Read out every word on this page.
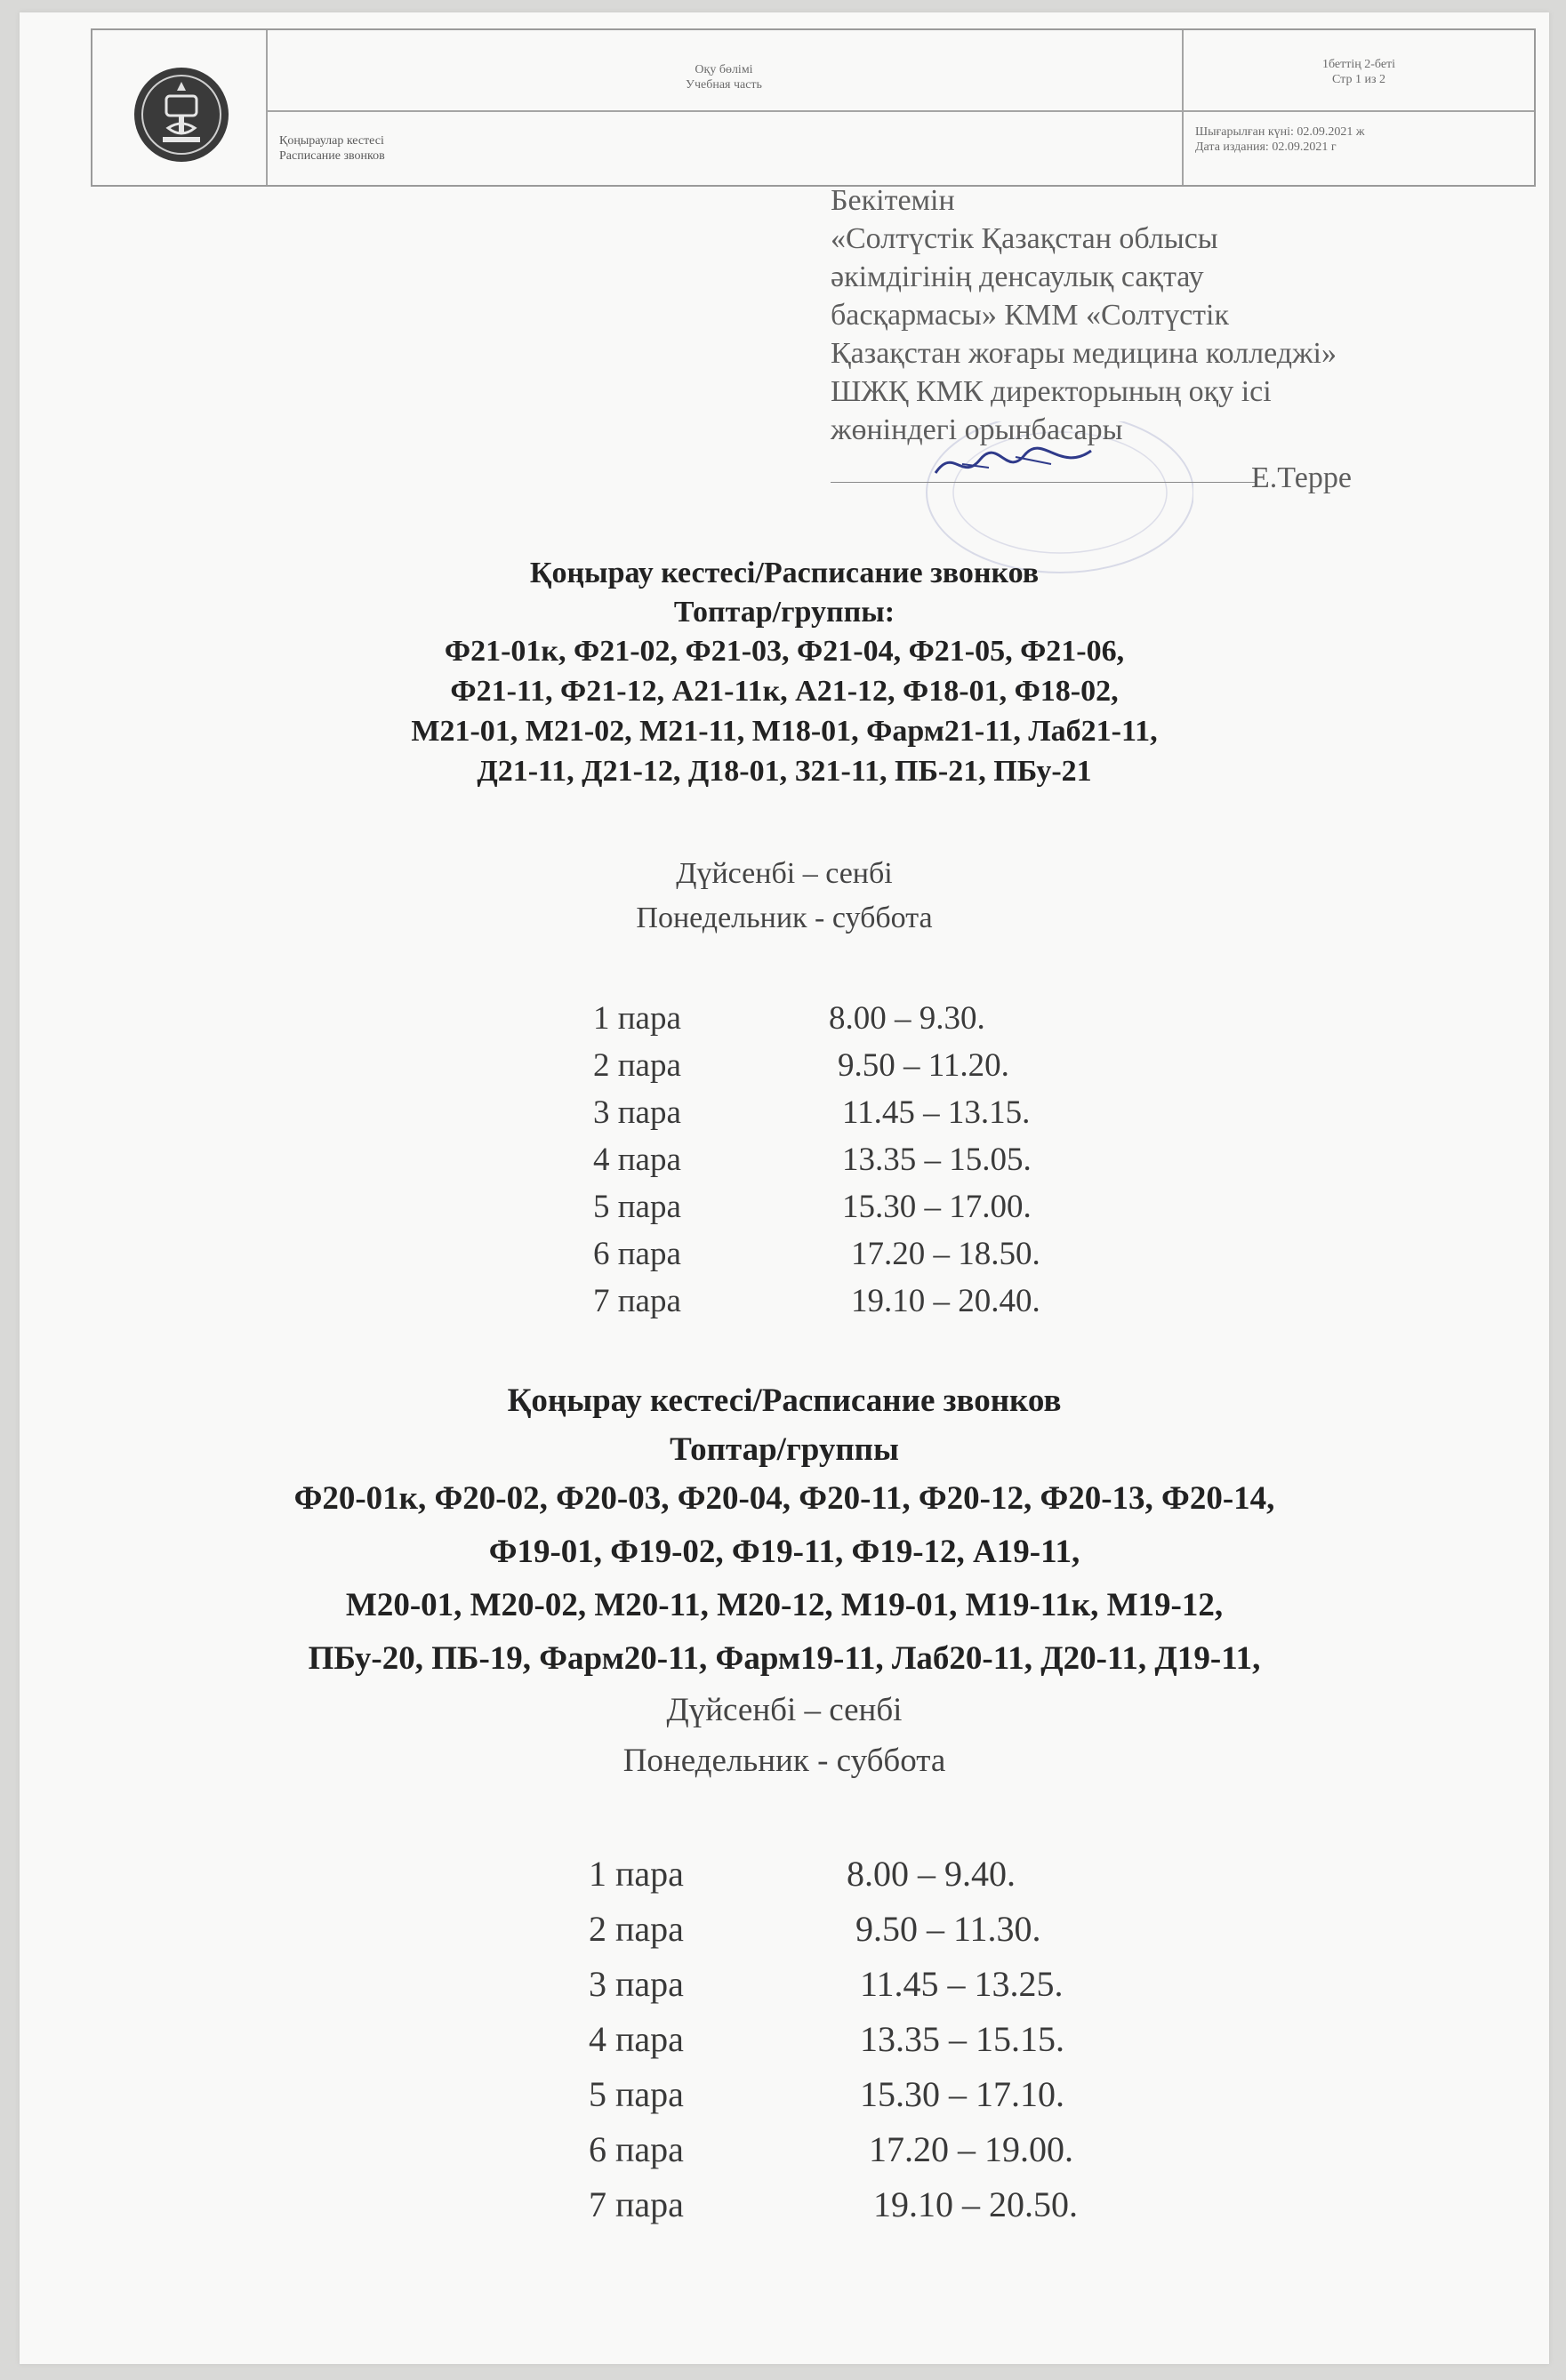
Оқу бөлімі
Учебная часть
Қоңыраулар кестесі
Расписание звонков
1беттің 2-беті
Стр 1 из 2
Шығарылған күні: 02.09.2021 ж
Дата издания: 02.09.2021 г
Бекітемін
«Солтүстік Қазақстан облысы
әкімдігінің денсаулық сақтау
басқармасы» КММ «Солтүстік
Қазақстан жоғары медицина колледжі»
ШЖҚ КМК директорының оқу ісі
жөніндегі орынбасары
Е.Терре
Қоңырау кестесі/Расписание звонков
Топтар/группы:
Ф21-01к, Ф21-02, Ф21-03, Ф21-04, Ф21-05, Ф21-06,
Ф21-11, Ф21-12, А21-11к, А21-12, Ф18-01, Ф18-02,
М21-01, М21-02, М21-11, М18-01, Фарм21-11, Лаб21-11,
Д21-11, Д21-12, Д18-01, З21-11, ПБ-21, ПБу-21
Дүйсенбі – сенбі
Понедельник - суббота
1 пара	8.00 – 9.30.
2 пара	9.50 – 11.20.
3 пара	11.45 – 13.15.
4 пара	13.35 – 15.05.
5 пара	15.30 – 17.00.
6 пара	17.20 – 18.50.
7 пара	19.10 – 20.40.
Қоңырау кестесі/Расписание звонков
Топтар/группы
Ф20-01к, Ф20-02, Ф20-03, Ф20-04, Ф20-11, Ф20-12, Ф20-13, Ф20-14,
Ф19-01, Ф19-02, Ф19-11, Ф19-12, А19-11,
М20-01, М20-02, М20-11, М20-12, М19-01, М19-11к, М19-12,
ПБу-20, ПБ-19, Фарм20-11, Фарм19-11, Лаб20-11, Д20-11, Д19-11,
Дүйсенбі – сенбі
Понедельник - суббота
1 пара	8.00 – 9.40.
2 пара	9.50 – 11.30.
3 пара	11.45 – 13.25.
4 пара	13.35 – 15.15.
5 пара	15.30 – 17.10.
6 пара	17.20 – 19.00.
7 пара	19.10 – 20.50.
